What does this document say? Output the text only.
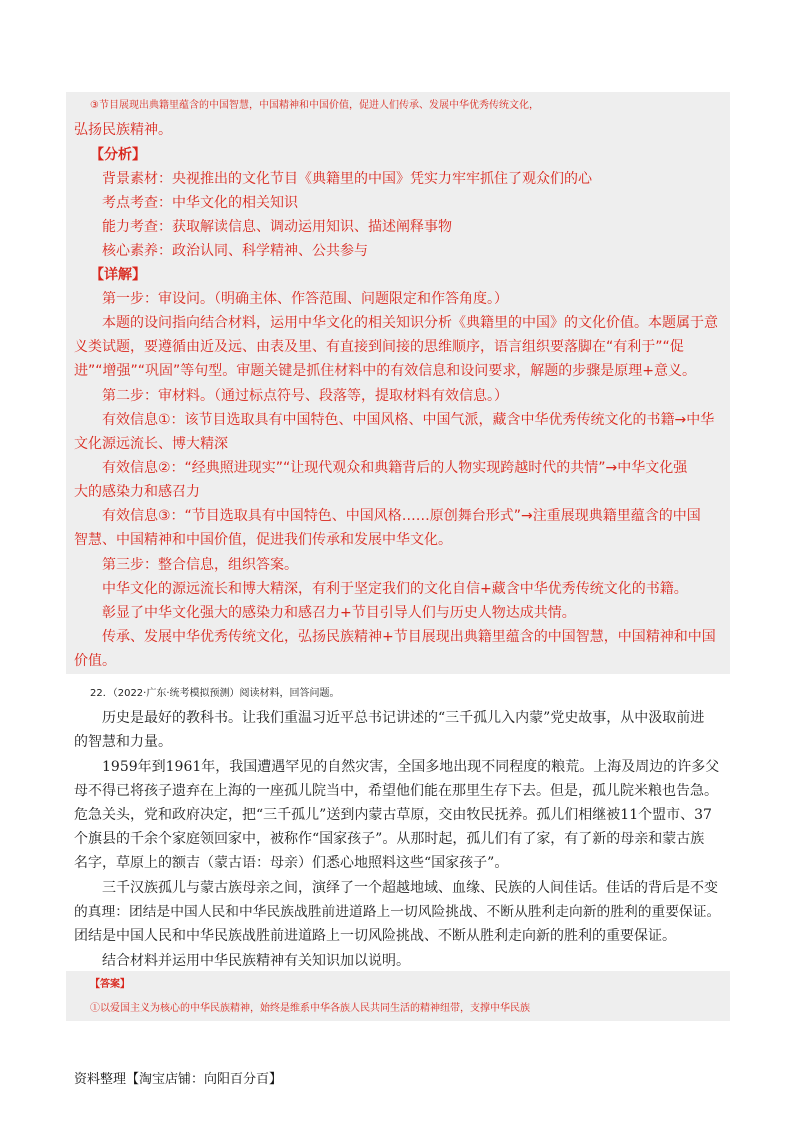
③节目展现出典籍里蕴含的中国智慧，中国精神和中国价值，促进人们传承、发展中华优秀传统文化，
弘扬民族精神。
【分析】
背景素材：央视推出的文化节目《典籍里的中国》凭实力牢牢抓住了观众们的心
考点考查：中华文化的相关知识
能力考查：获取解读信息、调动运用知识、描述阐释事物
核心素养：政治认同、科学精神、公共参与
【详解】
第一步：审设问。（明确主体、作答范围、问题限定和作答角度。）
本题的设问指向结合材料，运用中华文化的相关知识分析《典籍里的中国》的文化价值。本题属于意
义类试题，要遵循由近及远、由表及里、有直接到间接的思维顺序，语言组织要落脚在“有利于”“促
进”“增强”“巩固”等句型。审题关键是抓住材料中的有效信息和设问要求，解题的步骤是原理+意义。
第二步：审材料。（通过标点符号、段落等，提取材料有效信息。）
有效信息①：该节目选取具有中国特色、中国风格、中国气派，藏含中华优秀传统文化的书籍→中华
文化源远流长、博大精深
有效信息②：“经典照进现实”“让现代观众和典籍背后的人物实现跨越时代的共情”→中华文化强
大的感染力和感召力
有效信息③：“节目选取具有中国特色、中国风格……原创舞台形式”→注重展现典籍里蕴含的中国
智慧、中国精神和中国价值，促进我们传承和发展中华文化。
第三步：整合信息，组织答案。
中华文化的源远流长和博大精深，有利于坚定我们的文化自信+藏含中华优秀传统文化的书籍。
彰显了中华文化强大的感染力和感召力+节目引导人们与历史人物达成共情。
传承、发展中华优秀传统文化，弘扬民族精神+节目展现出典籍里蕴含的中国智慧，中国精神和中国
价值。
22．（2022·广东·统考模拟预测）阅读材料，回答问题。
历史是最好的教科书。让我们重温习近平总书记讲述的“三千孤儿入内蒙”党史故事，从中汲取前进
的智慧和力量。
1959年到1961年，我国遭遇罕见的自然灾害，全国多地出现不同程度的粮荒。上海及周边的许多父
母不得已将孩子遗弃在上海的一座孤儿院当中，希望他们能在那里生存下去。但是，孤儿院米粮也告急。
危急关头，党和政府决定，把“三千孤儿”送到内蒙古草原，交由牧民抚养。孤儿们相继被11个盟市、37
个旗县的千余个家庭领回家中，被称作“国家孩子”。从那时起，孤儿们有了家，有了新的母亲和蒙古族
名字，草原上的额吉（蒙古语：母亲）们悉心地照料这些“国家孩子”。
三千汉族孤儿与蒙古族母亲之间，演绎了一个超越地域、血缘、民族的人间佳话。佳话的背后是不变
的真理：团结是中国人民和中华民族战胜前进道路上一切风险挑战、不断从胜利走向新的胜利的重要保证。
团结是中国人民和中华民族战胜前进道路上一切风险挑战、不断从胜利走向新的胜利的重要保证。
结合材料并运用中华民族精神有关知识加以说明。
【答案】
①以爱国主义为核心的中华民族精神，始终是维系中华各族人民共同生活的精神纽带，支撑中华民族
资料整理【淘宝店铺：向阳百分百】
